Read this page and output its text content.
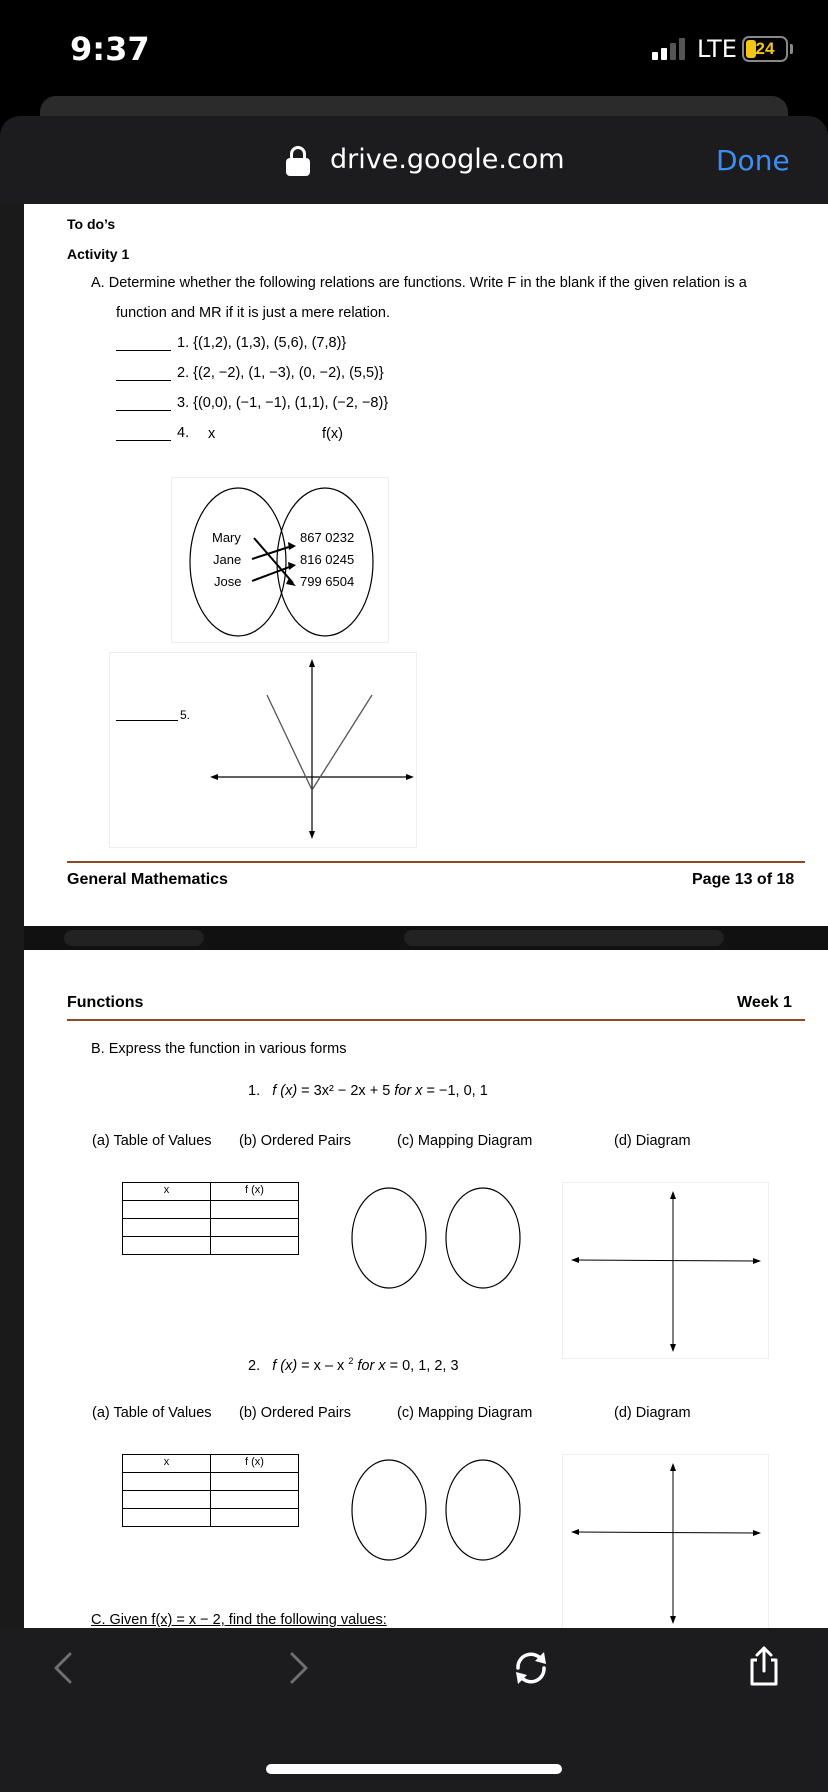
9:37	LTE	24
drive.google.com	Done
To do’s
Activity 1
A. Determine whether the following relations are functions. Write F in the blank if the given relation is a
function and MR if it is just a mere relation.
1. {(1,2), (1,3), (5,6), (7,8)}
2. {(2, −2), (1, −3), (0, −2), (5,5)}
3. {(0,0), (−1, −1), (1,1), (−2, −8)}
4. x	f(x)
Mary
Jane
Jose
867 0232
816 0245
799 6504
5.
General Mathematics	Page 13 of 18
Functions	Week 1
B. Express the function in various forms
1. f (x) = 3x² − 2x + 5 for x = −1, 0, 1
(a) Table of Values (b) Ordered Pairs	(c) Mapping Diagram	(d) Diagram
x	f (x)

2. f (x) = x – x $^2$ for x = 0, 1, 2, 3
(a) Table of Values (b) Ordered Pairs	(c) Mapping Diagram	(d) Diagram
x	f (x)

C. Given f(x) = x − 2, find the following values:
